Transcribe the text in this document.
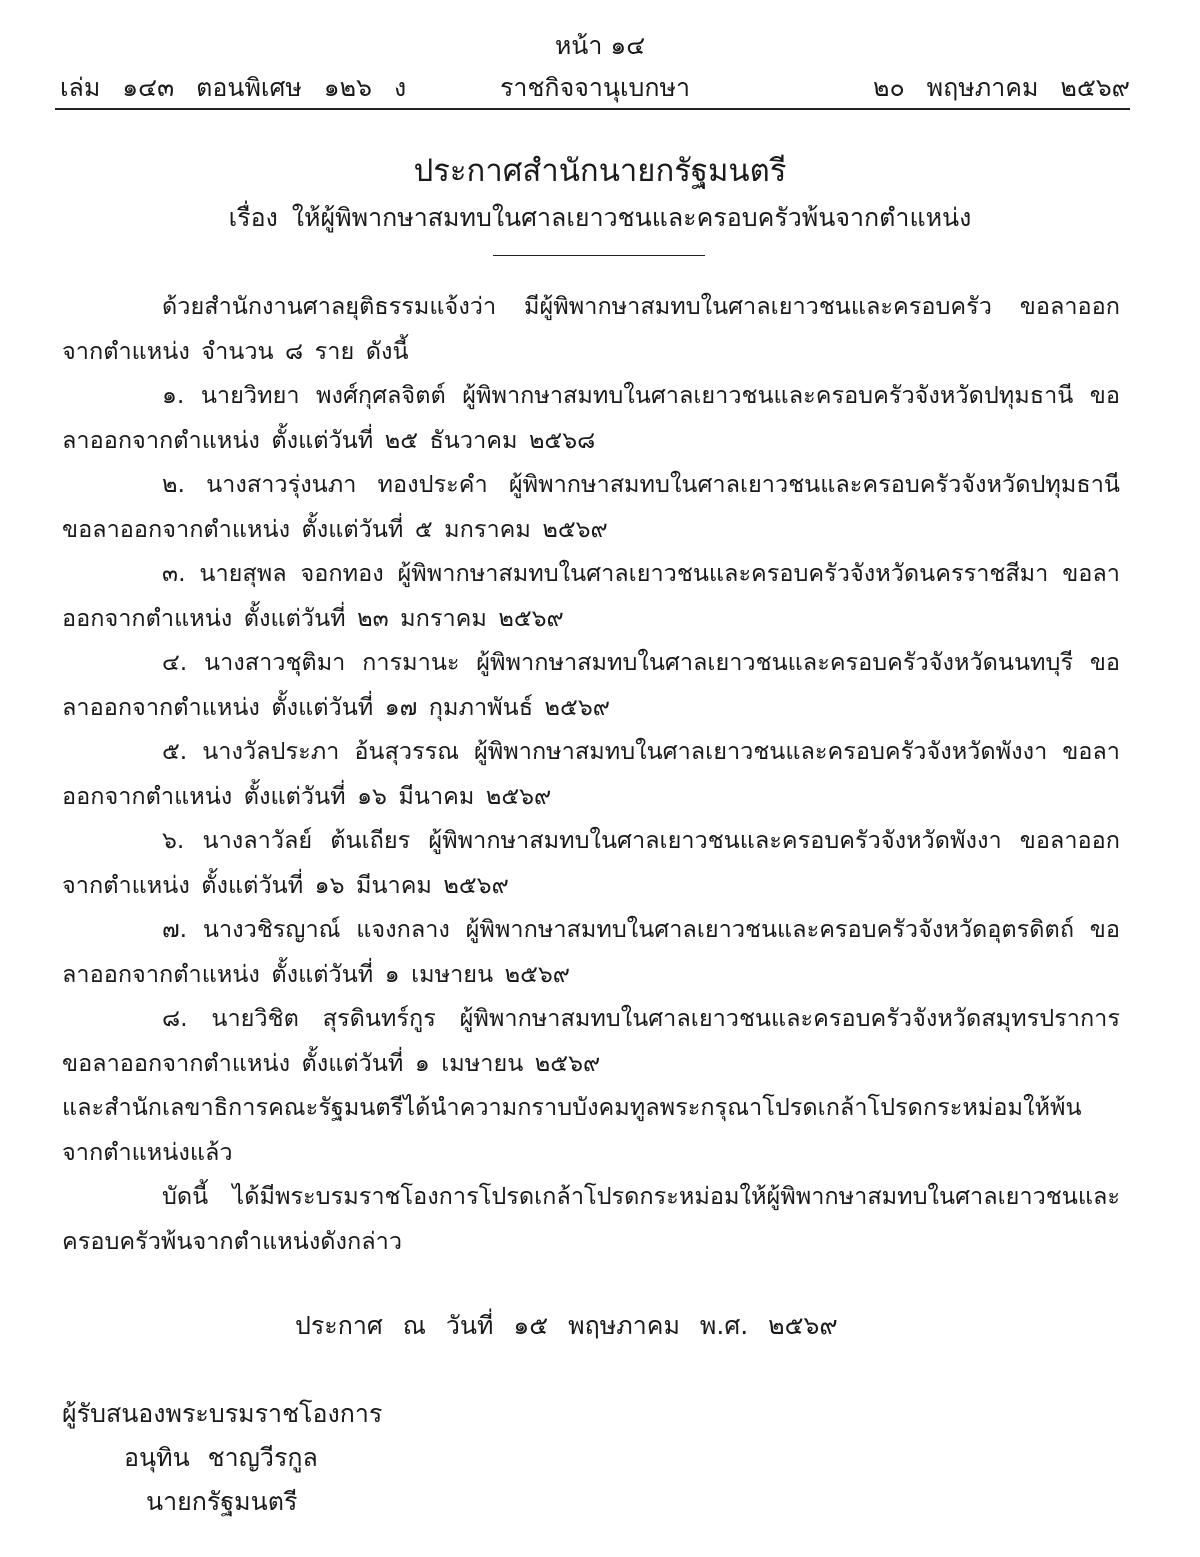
หน้า ๑๔
เล่ม ๑๔๓ ตอนพิเศษ ๑๒๖ ง	ราชกิจจานุเบกษา	๒๐ พฤษภาคม ๒๕๖๙
ประกาศสำนักนายกรัฐมนตรี
เรื่อง ให้ผู้พิพากษาสมทบในศาลเยาวชนและครอบครัวพ้นจากตำแหน่ง

ด้วยสำนักงานศาลยุติธรรมแจ้งว่า มีผู้พิพากษาสมทบในศาลเยาวชนและครอบครัว ขอลาออกจากตำแหน่ง จำนวน ๘ ราย ดังนี้

๑. นายวิทยา พงศ์กุศลจิตต์ ผู้พิพากษาสมทบในศาลเยาวชนและครอบครัวจังหวัดปทุมธานี ขอลาออกจากตำแหน่ง ตั้งแต่วันที่ ๒๕ ธันวาคม ๒๕๖๘

๒. นางสาวรุ่งนภา ทองประคำ ผู้พิพากษาสมทบในศาลเยาวชนและครอบครัวจังหวัดปทุมธานี ขอลาออกจากตำแหน่ง ตั้งแต่วันที่ ๕ มกราคม ๒๕๖๙

๓. นายสุพล จอกทอง ผู้พิพากษาสมทบในศาลเยาวชนและครอบครัวจังหวัดนครราชสีมา ขอลาออกจากตำแหน่ง ตั้งแต่วันที่ ๒๓ มกราคม ๒๕๖๙

๔. นางสาวชุติมา การมานะ ผู้พิพากษาสมทบในศาลเยาวชนและครอบครัวจังหวัดนนทบุรี ขอลาออกจากตำแหน่ง ตั้งแต่วันที่ ๑๗ กุมภาพันธ์ ๒๕๖๙

๕. นางวัลประภา อ้นสุวรรณ ผู้พิพากษาสมทบในศาลเยาวชนและครอบครัวจังหวัดพังงา ขอลาออกจากตำแหน่ง ตั้งแต่วันที่ ๑๖ มีนาคม ๒๕๖๙

๖. นางลาวัลย์ ต้นเถียร ผู้พิพากษาสมทบในศาลเยาวชนและครอบครัวจังหวัดพังงา ขอลาออกจากตำแหน่ง ตั้งแต่วันที่ ๑๖ มีนาคม ๒๕๖๙

๗. นางวชิรญาณ์ แจงกลาง ผู้พิพากษาสมทบในศาลเยาวชนและครอบครัวจังหวัดอุตรดิตถ์ ขอลาออกจากตำแหน่ง ตั้งแต่วันที่ ๑ เมษายน ๒๕๖๙

๘. นายวิชิต สุรดินทร์กูร ผู้พิพากษาสมทบในศาลเยาวชนและครอบครัวจังหวัดสมุทรปราการ ขอลาออกจากตำแหน่ง ตั้งแต่วันที่ ๑ เมษายน ๒๕๖๙

และสำนักเลขาธิการคณะรัฐมนตรีได้นำความกราบบังคมทูลพระกรุณาโปรดเกล้าโปรดกระหม่อมให้พ้นจากตำแหน่งแล้ว

บัดนี้ ได้มีพระบรมราชโองการโปรดเกล้าโปรดกระหม่อมให้ผู้พิพากษาสมทบในศาลเยาวชนและครอบครัวพ้นจากตำแหน่งดังกล่าว

ประกาศ ณ วันที่ ๑๕ พฤษภาคม พ.ศ. ๒๕๖๙
ผู้รับสนองพระบรมราชโองการ
อนุทิน ชาญวีรกูล
นายกรัฐมนตรี
